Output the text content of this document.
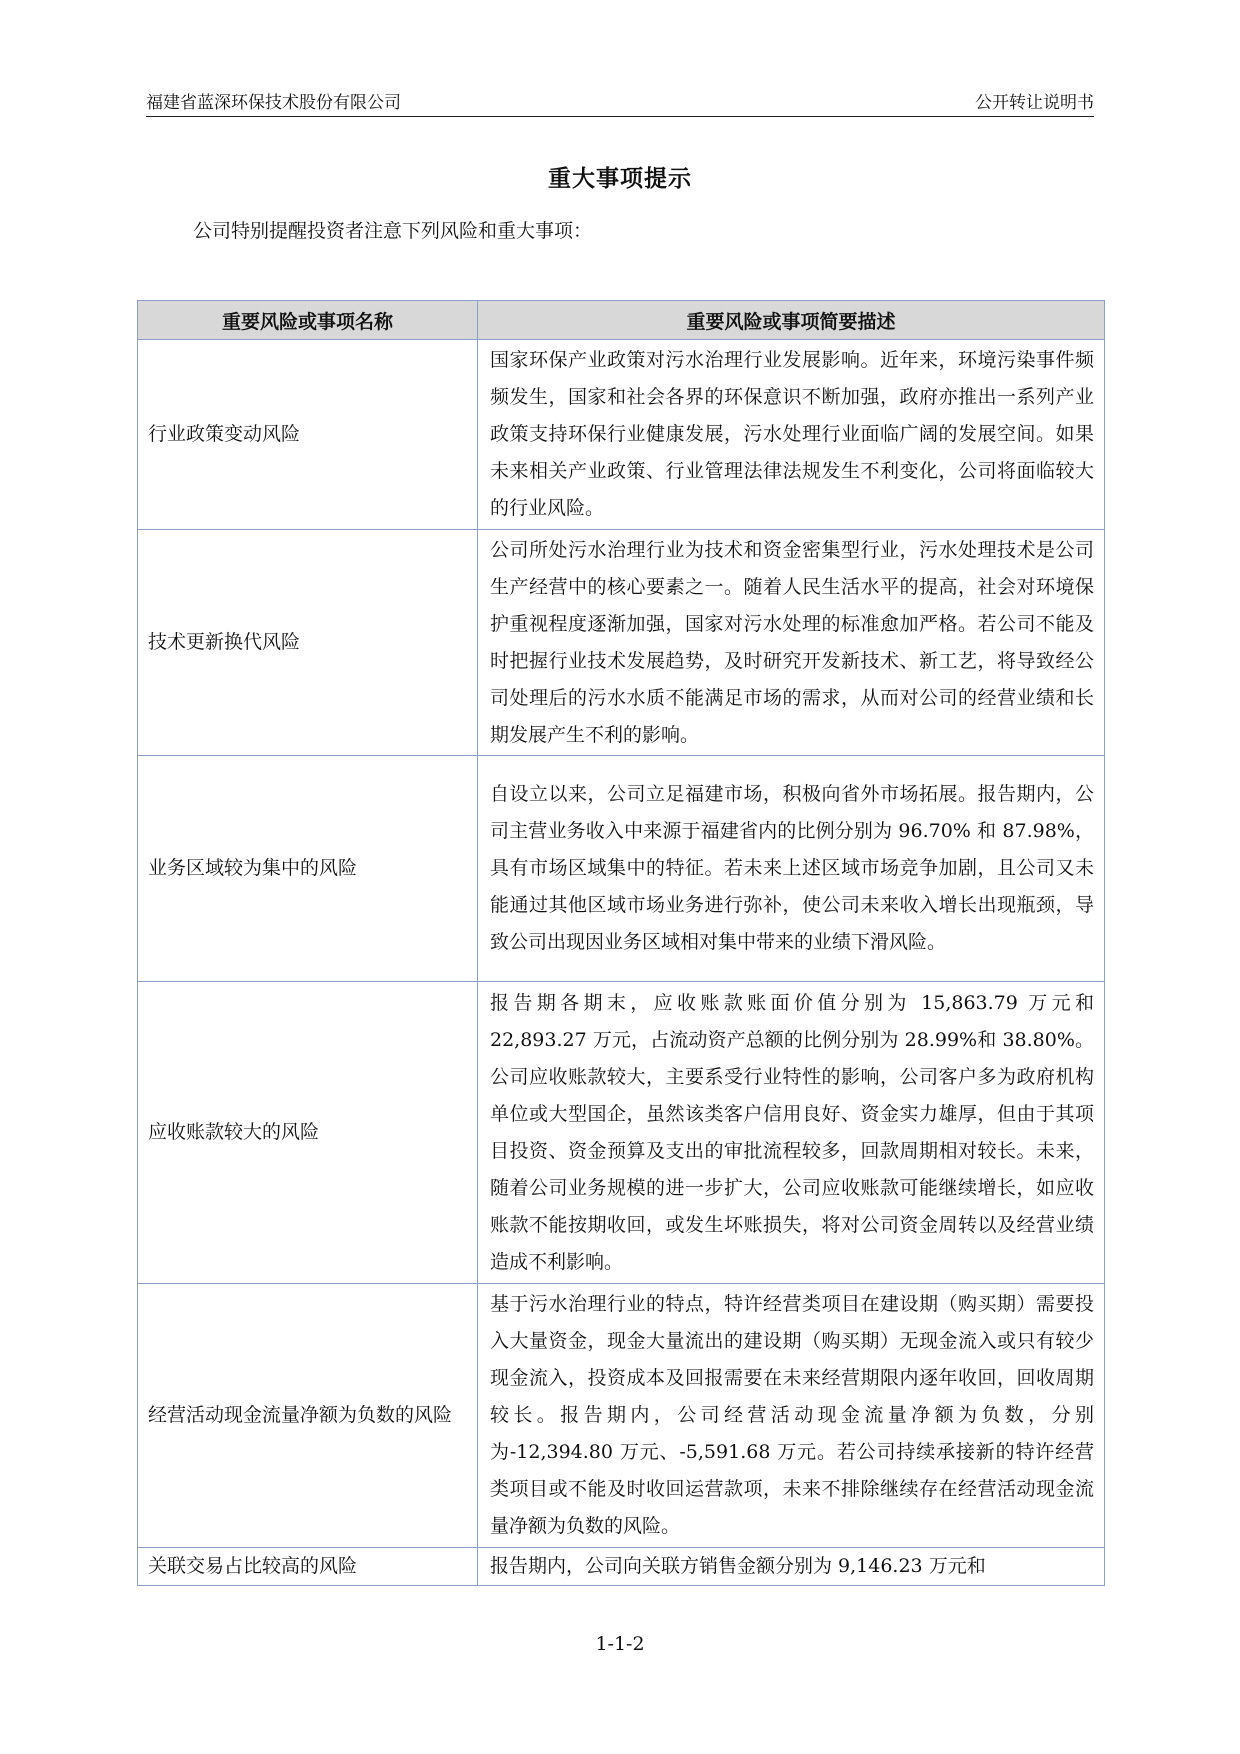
福建省蓝深环保技术股份有限公司	公开转让说明书
重大事项提示
公司特别提醒投资者注意下列风险和重大事项：
重要风险或事项名称	重要风险或事项简要描述
行业政策变动风险	国家环保产业政策对污水治理行业发展影响。近年来，环境污染事件频频发生，国家和社会各界的环保意识不断加强，政府亦推出一系列产业政策支持环保行业健康发展，污水处理行业面临广阔的发展空间。如果未来相关产业政策、行业管理法律法规发生不利变化，公司将面临较大的行业风险。
技术更新换代风险	公司所处污水治理行业为技术和资金密集型行业，污水处理技术是公司生产经营中的核心要素之一。随着人民生活水平的提高，社会对环境保护重视程度逐渐加强，国家对污水处理的标准愈加严格。若公司不能及时把握行业技术发展趋势，及时研究开发新技术、新工艺，将导致经公司处理后的污水水质不能满足市场的需求，从而对公司的经营业绩和长期发展产生不利的影响。
业务区域较为集中的风险	自设立以来，公司立足福建市场，积极向省外市场拓展。报告期内，公司主营业务收入中来源于福建省内的比例分别为 96.70% 和 87.98%，具有市场区域集中的特征。若未来上述区域市场竞争加剧，且公司又未能通过其他区域市场业务进行弥补，使公司未来收入增长出现瓶颈，导致公司出现因业务区域相对集中带来的业绩下滑风险。
应收账款较大的风险	报告期各期末，应收账款账面价值分别为 15,863.79 万元和 22,893.27 万元，占流动资产总额的比例分别为 28.99%和 38.80%。公司应收账款较大，主要系受行业特性的影响，公司客户多为政府机构单位或大型国企，虽然该类客户信用良好、资金实力雄厚，但由于其项目投资、资金预算及支出的审批流程较多，回款周期相对较长。未来，随着公司业务规模的进一步扩大，公司应收账款可能继续增长，如应收账款不能按期收回，或发生坏账损失，将对公司资金周转以及经营业绩造成不利影响。
经营活动现金流量净额为负数的风险	基于污水治理行业的特点，特许经营类项目在建设期（购买期）需要投入大量资金，现金大量流出的建设期（购买期）无现金流入或只有较少现金流入，投资成本及回报需要在未来经营期限内逐年收回，回收周期较长。报告期内，公司经营活动现金流量净额为负数，分别为-12,394.80 万元、-5,591.68 万元。若公司持续承接新的特许经营类项目或不能及时收回运营款项，未来不排除继续存在经营活动现金流量净额为负数的风险。
关联交易占比较高的风险	报告期内，公司向关联方销售金额分别为 9,146.23 万元和
1-1-2
